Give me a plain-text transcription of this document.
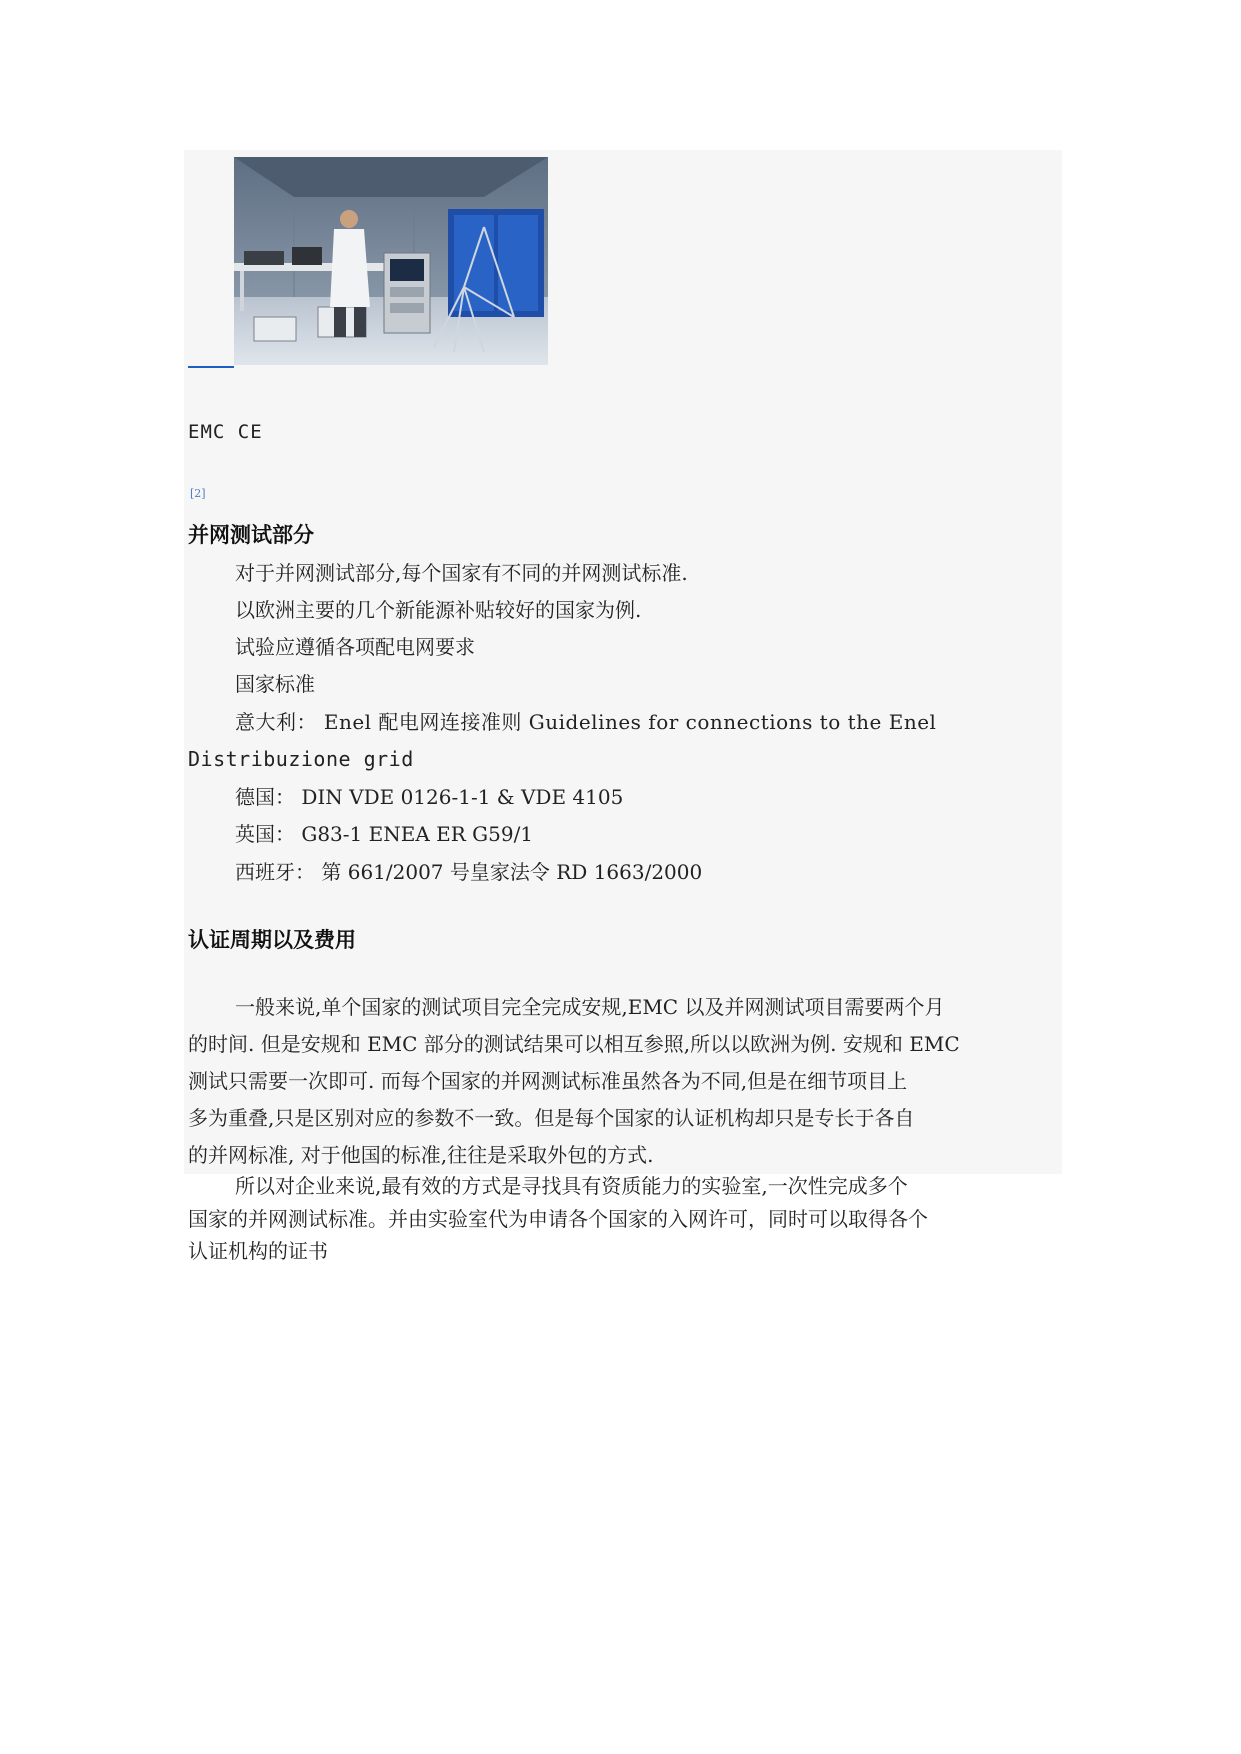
EMC CE
[2]
并网测试部分
对于并网测试部分,每个国家有不同的并网测试标准.
以欧洲主要的几个新能源补贴较好的国家为例.
试验应遵循各项配电网要求
国家标准
意大利： Enel 配电网连接准则 Guidelines for connections to the Enel
Distribuzione grid
德国： DIN VDE 0126-1-1 & VDE 4105
英国： G83-1 ENEA ER G59/1
西班牙： 第 661/2007 号皇家法令 RD 1663/2000
认证周期以及费用
一般来说,单个国家的测试项目完全完成安规,EMC 以及并网测试项目需要两个月
的时间. 但是安规和 EMC 部分的测试结果可以相互参照,所以以欧洲为例. 安规和 EMC
测试只需要一次即可. 而每个国家的并网测试标准虽然各为不同,但是在细节项目上
多为重叠,只是区别对应的参数不一致。但是每个国家的认证机构却只是专长于各自
的并网标准, 对于他国的标准,往往是采取外包的方式.
所以对企业来说,最有效的方式是寻找具有资质能力的实验室,一次性完成多个
国家的并网测试标准。并由实验室代为申请各个国家的入网许可，同时可以取得各个
认证机构的证书
